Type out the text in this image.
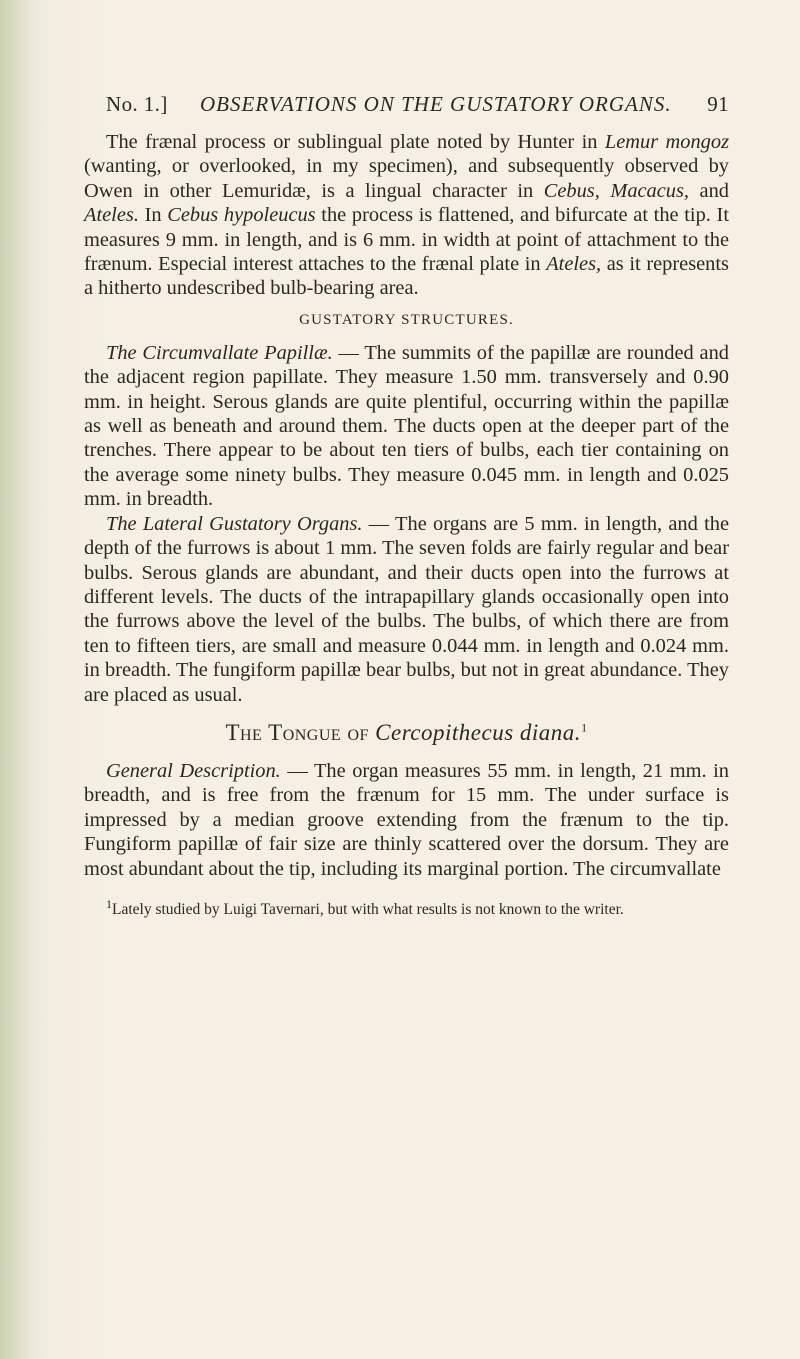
No. 1.] OBSERVATIONS ON THE GUSTATORY ORGANS. 91

The frænal process or sublingual plate noted by Hunter in Lemur mongoz (wanting, or overlooked, in my specimen), and subsequently observed by Owen in other Lemuridæ, is a lingual character in Cebus, Macacus, and Ateles. In Cebus hypoleucus the process is flattened, and bifurcate at the tip. It measures 9 mm. in length, and is 6 mm. in width at point of attachment to the frænum. Especial interest attaches to the frænal plate in Ateles, as it represents a hitherto undescribed bulb-bearing area.

GUSTATORY STRUCTURES.

The Circumvallate Papillæ. — The summits of the papillæ are rounded and the adjacent region papillate. They measure 1.50 mm. transversely and 0.90 mm. in height. Serous glands are quite plentiful, occurring within the papillæ as well as beneath and around them. The ducts open at the deeper part of the trenches. There appear to be about ten tiers of bulbs, each tier containing on the average some ninety bulbs. They measure 0.045 mm. in length and 0.025 mm. in breadth.

The Lateral Gustatory Organs. — The organs are 5 mm. in length, and the depth of the furrows is about 1 mm. The seven folds are fairly regular and bear bulbs. Serous glands are abundant, and their ducts open into the furrows at different levels. The ducts of the intrapapillary glands occasionally open into the furrows above the level of the bulbs. The bulbs, of which there are from ten to fifteen tiers, are small and measure 0.044 mm. in length and 0.024 mm. in breadth. The fungiform papillæ bear bulbs, but not in great abundance. They are placed as usual.

The Tongue of Cercopithecus diana.$^1$

General Description. — The organ measures 55 mm. in length, 21 mm. in breadth, and is free from the frænum for 15 mm. The under surface is impressed by a median groove extending from the frænum to the tip. Fungiform papillæ of fair size are thinly scattered over the dorsum. They are most abundant about the tip, including its marginal portion. The circumvallate

$^1$Lately studied by Luigi Tavernari, but with what results is not known to the writer.
